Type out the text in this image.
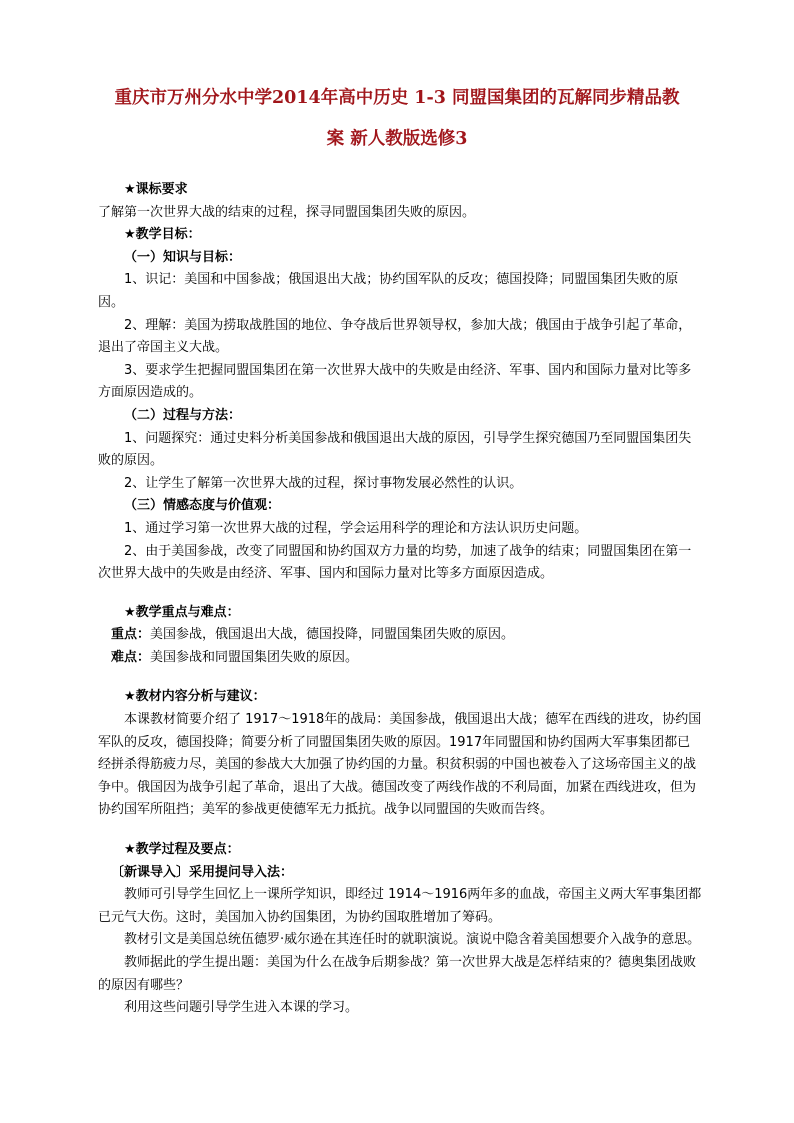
重庆市万州分水中学2014年高中历史 1-3 同盟国集团的瓦解同步精品教
案 新人教版选修3

★课标要求

了解第一次世界大战的结束的过程，探寻同盟国集团失败的原因。

★教学目标：

（一）知识与目标：

1、识记：美国和中国参战；俄国退出大战；协约国军队的反攻；德国投降；同盟国集团失败的原因。

2、理解：美国为捞取战胜国的地位、争夺战后世界领导权，参加大战；俄国由于战争引起了革命，退出了帝国主义大战。

3、要求学生把握同盟国集团在第一次世界大战中的失败是由经济、军事、国内和国际力量对比等多方面原因造成的。

（二）过程与方法：

1、问题探究：通过史料分析美国参战和俄国退出大战的原因，引导学生探究德国乃至同盟国集团失败的原因。

2、让学生了解第一次世界大战的过程，探讨事物发展必然性的认识。

（三）情感态度与价值观：

1、通过学习第一次世界大战的过程，学会运用科学的理论和方法认识历史问题。

2、由于美国参战，改变了同盟国和协约国双方力量的均势，加速了战争的结束；同盟国集团在第一次世界大战中的失败是由经济、军事、国内和国际力量对比等多方面原因造成。

★教学重点与难点：

重点：美国参战，俄国退出大战，德国投降，同盟国集团失败的原因。

难点：美国参战和同盟国集团失败的原因。

★教材内容分析与建议：

本课教材简要介绍了 1917～1918年的战局：美国参战，俄国退出大战；德军在西线的进攻，协约国军队的反攻，德国投降；简要分析了同盟国集团失败的原因。1917年同盟国和协约国两大军事集团都已经拼杀得筋疲力尽，美国的参战大大加强了协约国的力量。积贫积弱的中国也被卷入了这场帝国主义的战争中。俄国因为战争引起了革命，退出了大战。德国改变了两线作战的不利局面，加紧在西线进攻，但为协约国军所阻挡；美军的参战更使德军无力抵抗。战争以同盟国的失败而告终。

★教学过程及要点：

〔新课导入〕采用提问导入法：

教师可引导学生回忆上一课所学知识，即经过 1914～1916两年多的血战，帝国主义两大军事集团都已元气大伤。这时，美国加入协约国集团，为协约国取胜增加了筹码。

教材引文是美国总统伍德罗·威尔逊在其连任时的就职演说。演说中隐含着美国想要介入战争的意思。

教师据此的学生提出题：美国为什么在战争后期参战？第一次世界大战是怎样结束的？德奥集团战败的原因有哪些？

利用这些问题引导学生进入本课的学习。
